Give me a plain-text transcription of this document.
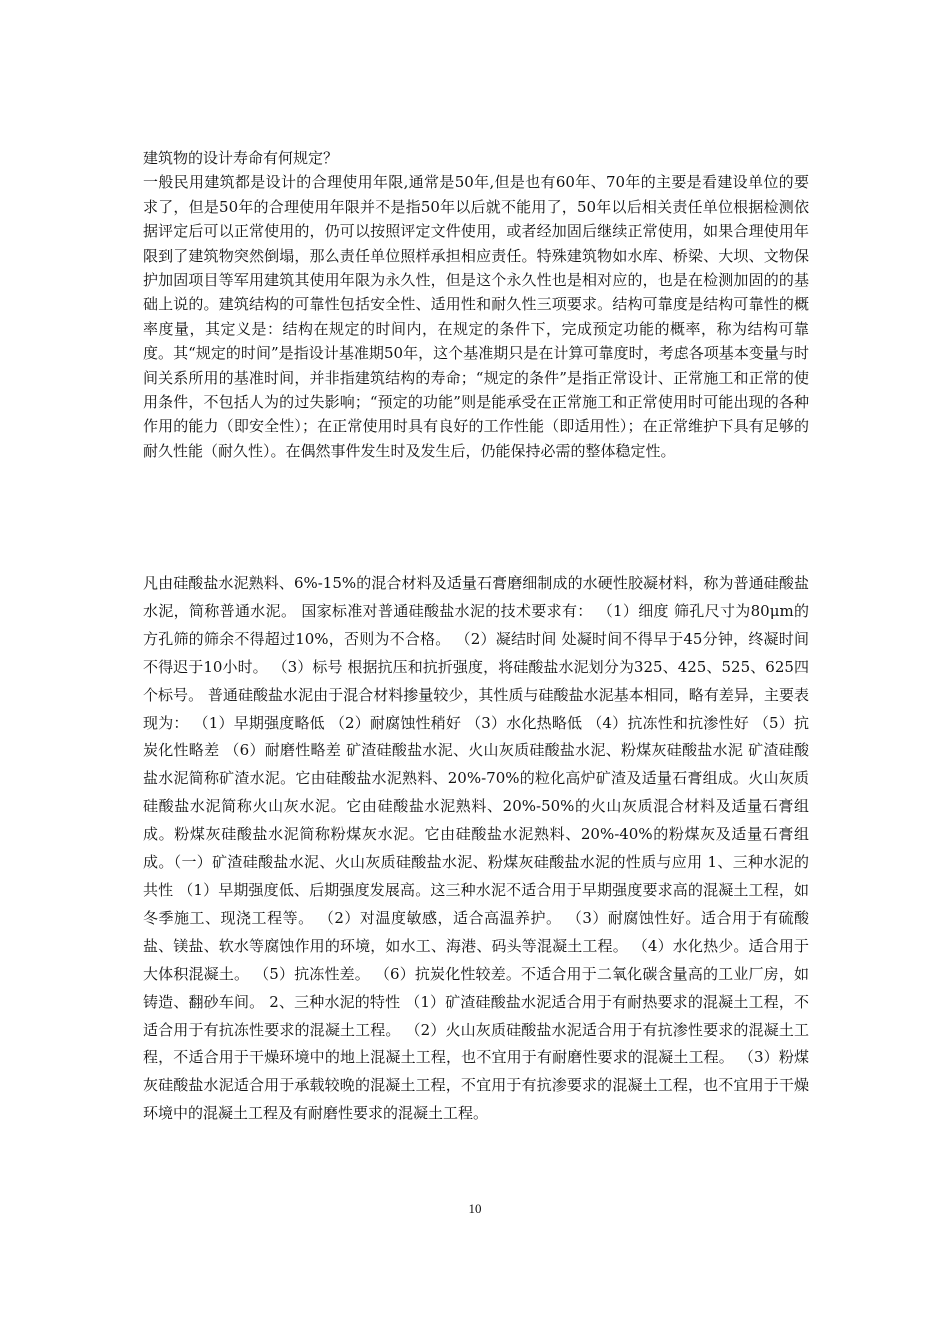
建筑物的设计寿命有何规定？
一般民用建筑都是设计的合理使用年限,通常是50年,但是也有60年、70年的主要是看建设单位的要求了，但是50年的合理使用年限并不是指50年以后就不能用了，50年以后相关责任单位根据检测依据评定后可以正常使用的，仍可以按照评定文件使用，或者经加固后继续正常使用，如果合理使用年限到了建筑物突然倒塌，那么责任单位照样承担相应责任。特殊建筑物如水库、桥梁、大坝、文物保护加固项目等军用建筑其使用年限为永久性，但是这个永久性也是相对应的，也是在检测加固的的基础上说的。建筑结构的可靠性包括安全性、适用性和耐久性三项要求。结构可靠度是结构可靠性的概率度量，其定义是：结构在规定的时间内，在规定的条件下，完成预定功能的概率，称为结构可靠度。其“规定的时间”是指设计基准期50年，这个基准期只是在计算可靠度时，考虑各项基本变量与时间关系所用的基准时间，并非指建筑结构的寿命；“规定的条件”是指正常设计、正常施工和正常的使用条件，不包括人为的过失影响；“预定的功能”则是能承受在正常施工和正常使用时可能出现的各种作用的能力（即安全性）；在正常使用时具有良好的工作性能（即适用性）；在正常维护下具有足够的耐久性能（耐久性）。在偶然事件发生时及发生后，仍能保持必需的整体稳定性。
凡由硅酸盐水泥熟料、6%-15%的混合材料及适量石膏磨细制成的水硬性胶凝材料，称为普通硅酸盐水泥，简称普通水泥。 国家标准对普通硅酸盐水泥的技术要求有： （1）细度 筛孔尺寸为80μm的方孔筛的筛余不得超过10%，否则为不合格。 （2）凝结时间 处凝时间不得早于45分钟，终凝时间不得迟于10小时。 （3）标号 根据抗压和抗折强度，将硅酸盐水泥划分为325、425、525、625四个标号。 普通硅酸盐水泥由于混合材料掺量较少，其性质与硅酸盐水泥基本相同，略有差异，主要表现为： （1）早期强度略低 （2）耐腐蚀性稍好 （3）水化热略低 （4）抗冻性和抗渗性好 （5）抗炭化性略差 （6）耐磨性略差 矿渣硅酸盐水泥、火山灰质硅酸盐水泥、粉煤灰硅酸盐水泥 矿渣硅酸盐水泥简称矿渣水泥。它由硅酸盐水泥熟料、20%-70%的粒化高炉矿渣及适量石膏组成。火山灰质硅酸盐水泥简称火山灰水泥。它由硅酸盐水泥熟料、20%-50%的火山灰质混合材料及适量石膏组成。粉煤灰硅酸盐水泥简称粉煤灰水泥。它由硅酸盐水泥熟料、20%-40%的粉煤灰及适量石膏组成。（一）矿渣硅酸盐水泥、火山灰质硅酸盐水泥、粉煤灰硅酸盐水泥的性质与应用 1、三种水泥的共性 （1）早期强度低、后期强度发展高。这三种水泥不适合用于早期强度要求高的混凝土工程，如冬季施工、现浇工程等。 （2）对温度敏感，适合高温养护。 （3）耐腐蚀性好。适合用于有硫酸盐、镁盐、软水等腐蚀作用的环境，如水工、海港、码头等混凝土工程。 （4）水化热少。适合用于大体积混凝土。 （5）抗冻性差。 （6）抗炭化性较差。不适合用于二氧化碳含量高的工业厂房，如铸造、翻砂车间。 2、三种水泥的特性 （1）矿渣硅酸盐水泥适合用于有耐热要求的混凝土工程，不适合用于有抗冻性要求的混凝土工程。 （2）火山灰质硅酸盐水泥适合用于有抗渗性要求的混凝土工程，不适合用于干燥环境中的地上混凝土工程，也不宜用于有耐磨性要求的混凝土工程。 （3）粉煤灰硅酸盐水泥适合用于承载较晚的混凝土工程，不宜用于有抗渗要求的混凝土工程，也不宜用于干燥环境中的混凝土工程及有耐磨性要求的混凝土工程。
10
